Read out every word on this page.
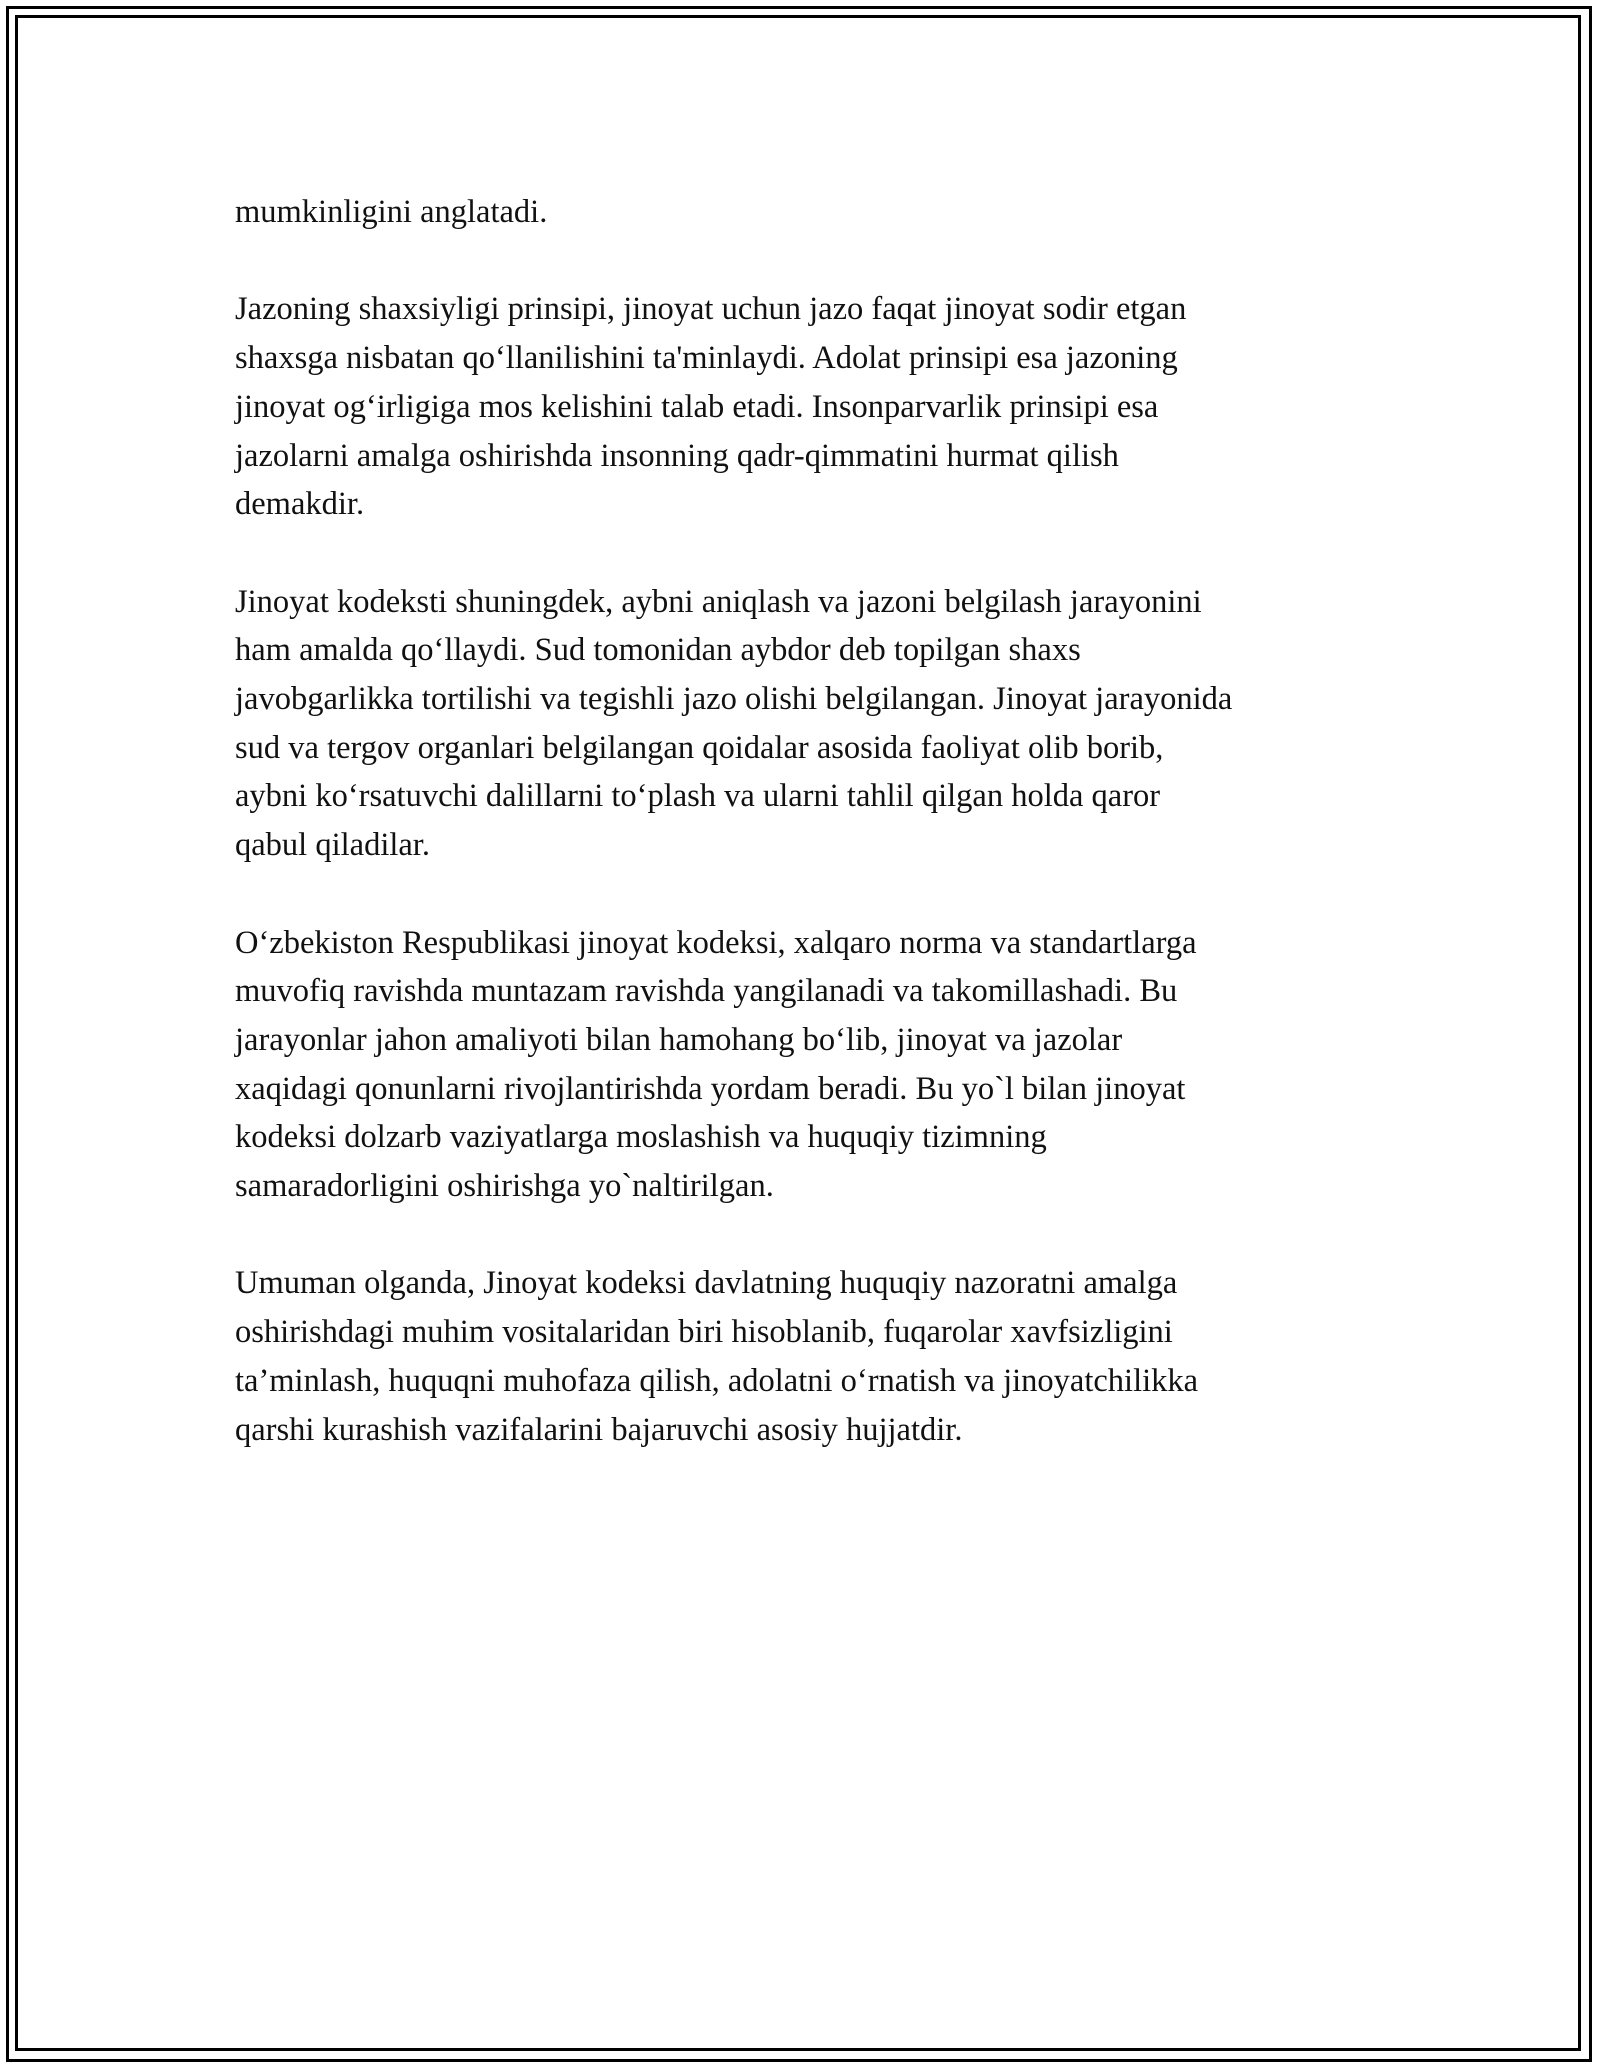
mumkinligini anglatadi.

Jazoning shaxsiyligi prinsipi, jinoyat uchun jazo faqat jinoyat sodir etgan
shaxsga nisbatan qo‘llanilishini ta'minlaydi. Adolat prinsipi esa jazoning
jinoyat og‘irligiga mos kelishini talab etadi. Insonparvarlik prinsipi esa
jazolarni amalga oshirishda insonning qadr-qimmatini hurmat qilish
demakdir.

Jinoyat kodeksti shuningdek, aybni aniqlash va jazoni belgilash jarayonini
ham amalda qo‘llaydi. Sud tomonidan aybdor deb topilgan shaxs
javobgarlikka tortilishi va tegishli jazo olishi belgilangan. Jinoyat jarayonida
sud va tergov organlari belgilangan qoidalar asosida faoliyat olib borib,
aybni ko‘rsatuvchi dalillarni to‘plash va ularni tahlil qilgan holda qaror
qabul qiladilar.

O‘zbekiston Respublikasi jinoyat kodeksi, xalqaro norma va standartlarga
muvofiq ravishda muntazam ravishda yangilanadi va takomillashadi. Bu
jarayonlar jahon amaliyoti bilan hamohang bo‘lib, jinoyat va jazolar
xaqidagi qonunlarni rivojlantirishda yordam beradi. Bu yo`l bilan jinoyat
kodeksi dolzarb vaziyatlarga moslashish va huquqiy tizimning
samaradorligini oshirishga yo`naltirilgan.

Umuman olganda, Jinoyat kodeksi davlatning huquqiy nazoratni amalga
oshirishdagi muhim vositalaridan biri hisoblanib, fuqarolar xavfsizligini
ta’minlash, huquqni muhofaza qilish, adolatni o‘rnatish va jinoyatchilikka
qarshi kurashish vazifalarini bajaruvchi asosiy hujjatdir.
